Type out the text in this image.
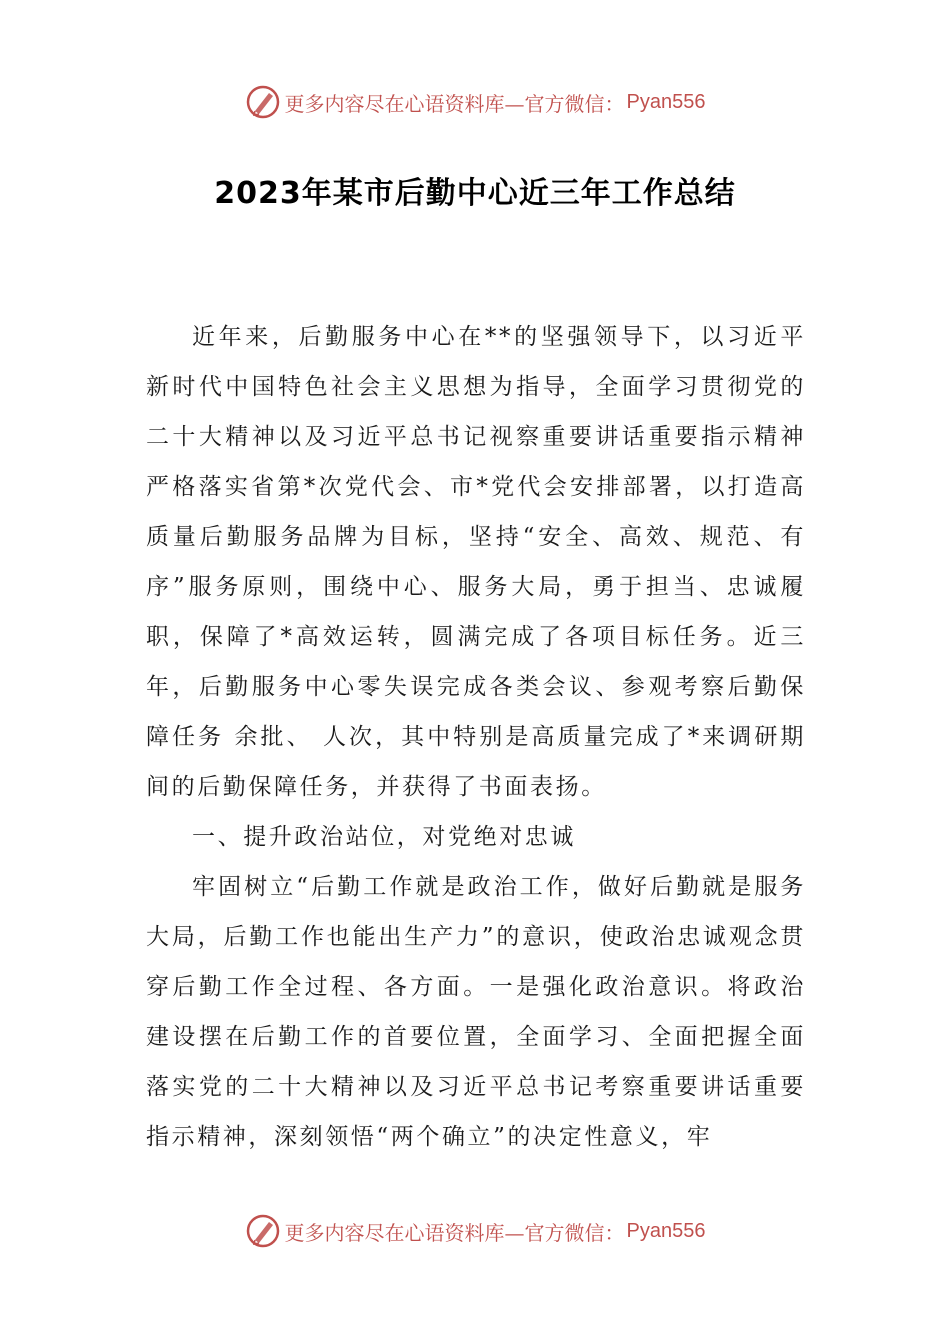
更多内容尽在心语资料库—官方微信： Pyan556
2023年某市后勤中心近三年工作总结

近年来，后勤服务中心在**的坚强领导下，以习近平新时代中国特色社会主义思想为指导，全面学习贯彻党的二十大精神以及习近平总书记视察重要讲话重要指示精神严格落实省第*次党代会、市*党代会安排部署，以打造高质量后勤服务品牌为目标，坚持“安全、高效、规范、有序”服务原则，围绕中心、服务大局，勇于担当、忠诚履职，保障了*高效运转，圆满完成了各项目标任务。近三年，后勤服务中心零失误完成各类会议、参观考察后勤保障任务 余批、 人次，其中特别是高质量完成了*来调研期间的后勤保障任务，并获得了书面表扬。

一、提升政治站位，对党绝对忠诚

牢固树立“后勤工作就是政治工作，做好后勤就是服务大局，后勤工作也能出生产力”的意识，使政治忠诚观念贯穿后勤工作全过程、各方面。一是强化政治意识。将政治建设摆在后勤工作的首要位置，全面学习、全面把握全面落实党的二十大精神以及习近平总书记考察重要讲话重要指示精神，深刻领悟“两个确立”的决定性意义，牢

更多内容尽在心语资料库—官方微信： Pyan556
